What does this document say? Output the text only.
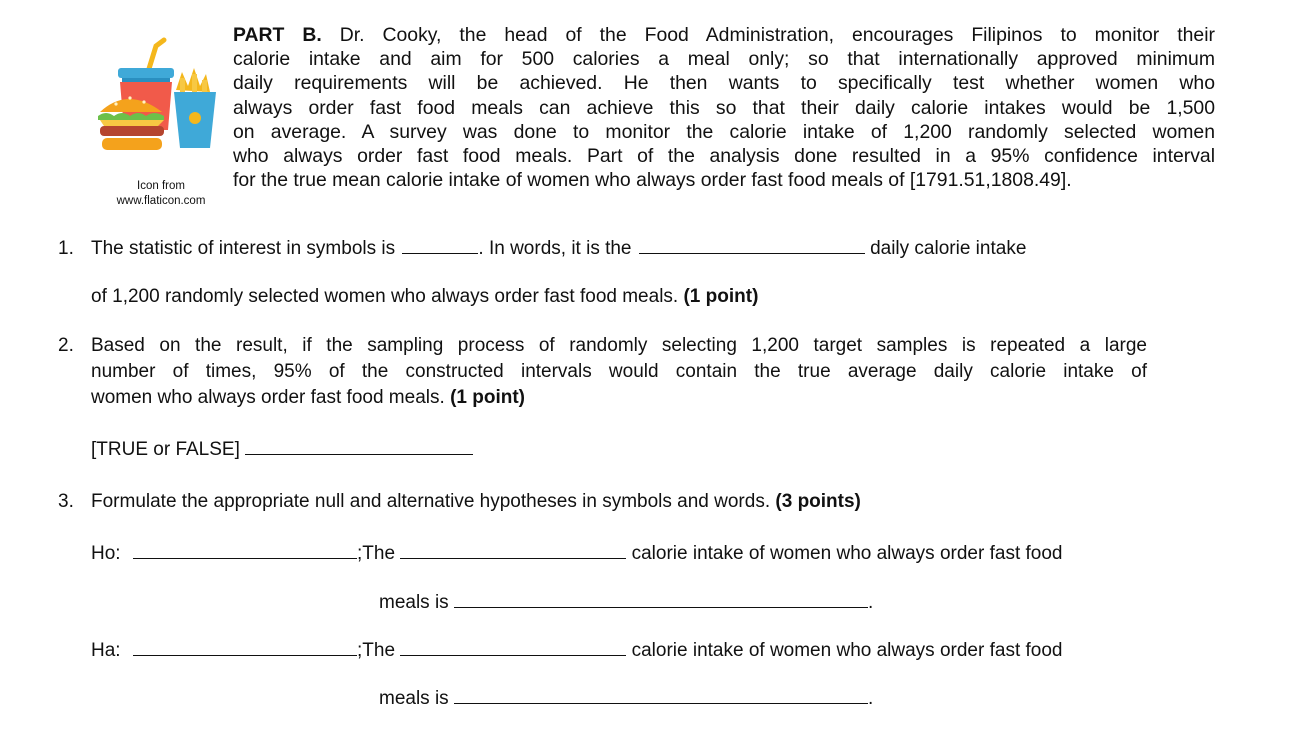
Icon from
www.flaticon.com
PART B. Dr. Cooky, the head of the Food Administration, encourages Filipinos to monitor their
calorie intake and aim for 500 calories a meal only; so that internationally approved minimum
daily requirements will be achieved. He then wants to specifically test whether women who
always order fast food meals can achieve this so that their daily calorie intakes would be 1,500
on average. A survey was done to monitor the calorie intake of 1,200 randomly selected women
who always order fast food meals. Part of the analysis done resulted in a 95% confidence interval
for the true mean calorie intake of women who always order fast food meals of [1791.51,1808.49].
1. The statistic of interest in symbols is	. In words, it is the	daily calorie intake
of 1,200 randomly selected women who always order fast food meals. (1 point)
2. Based on the result, if the sampling process of randomly selecting 1,200 target samples is repeated a large
number of times, 95% of the constructed intervals would contain the true average daily calorie intake of
women who always order fast food meals. (1 point)
[TRUE or FALSE]
3. Formulate the appropriate null and alternative hypotheses in symbols and words. (3 points)
Ho:	;The	calorie intake of women who always order fast food
meals is	.
Ha:	;The	calorie intake of women who always order fast food
meals is	.
